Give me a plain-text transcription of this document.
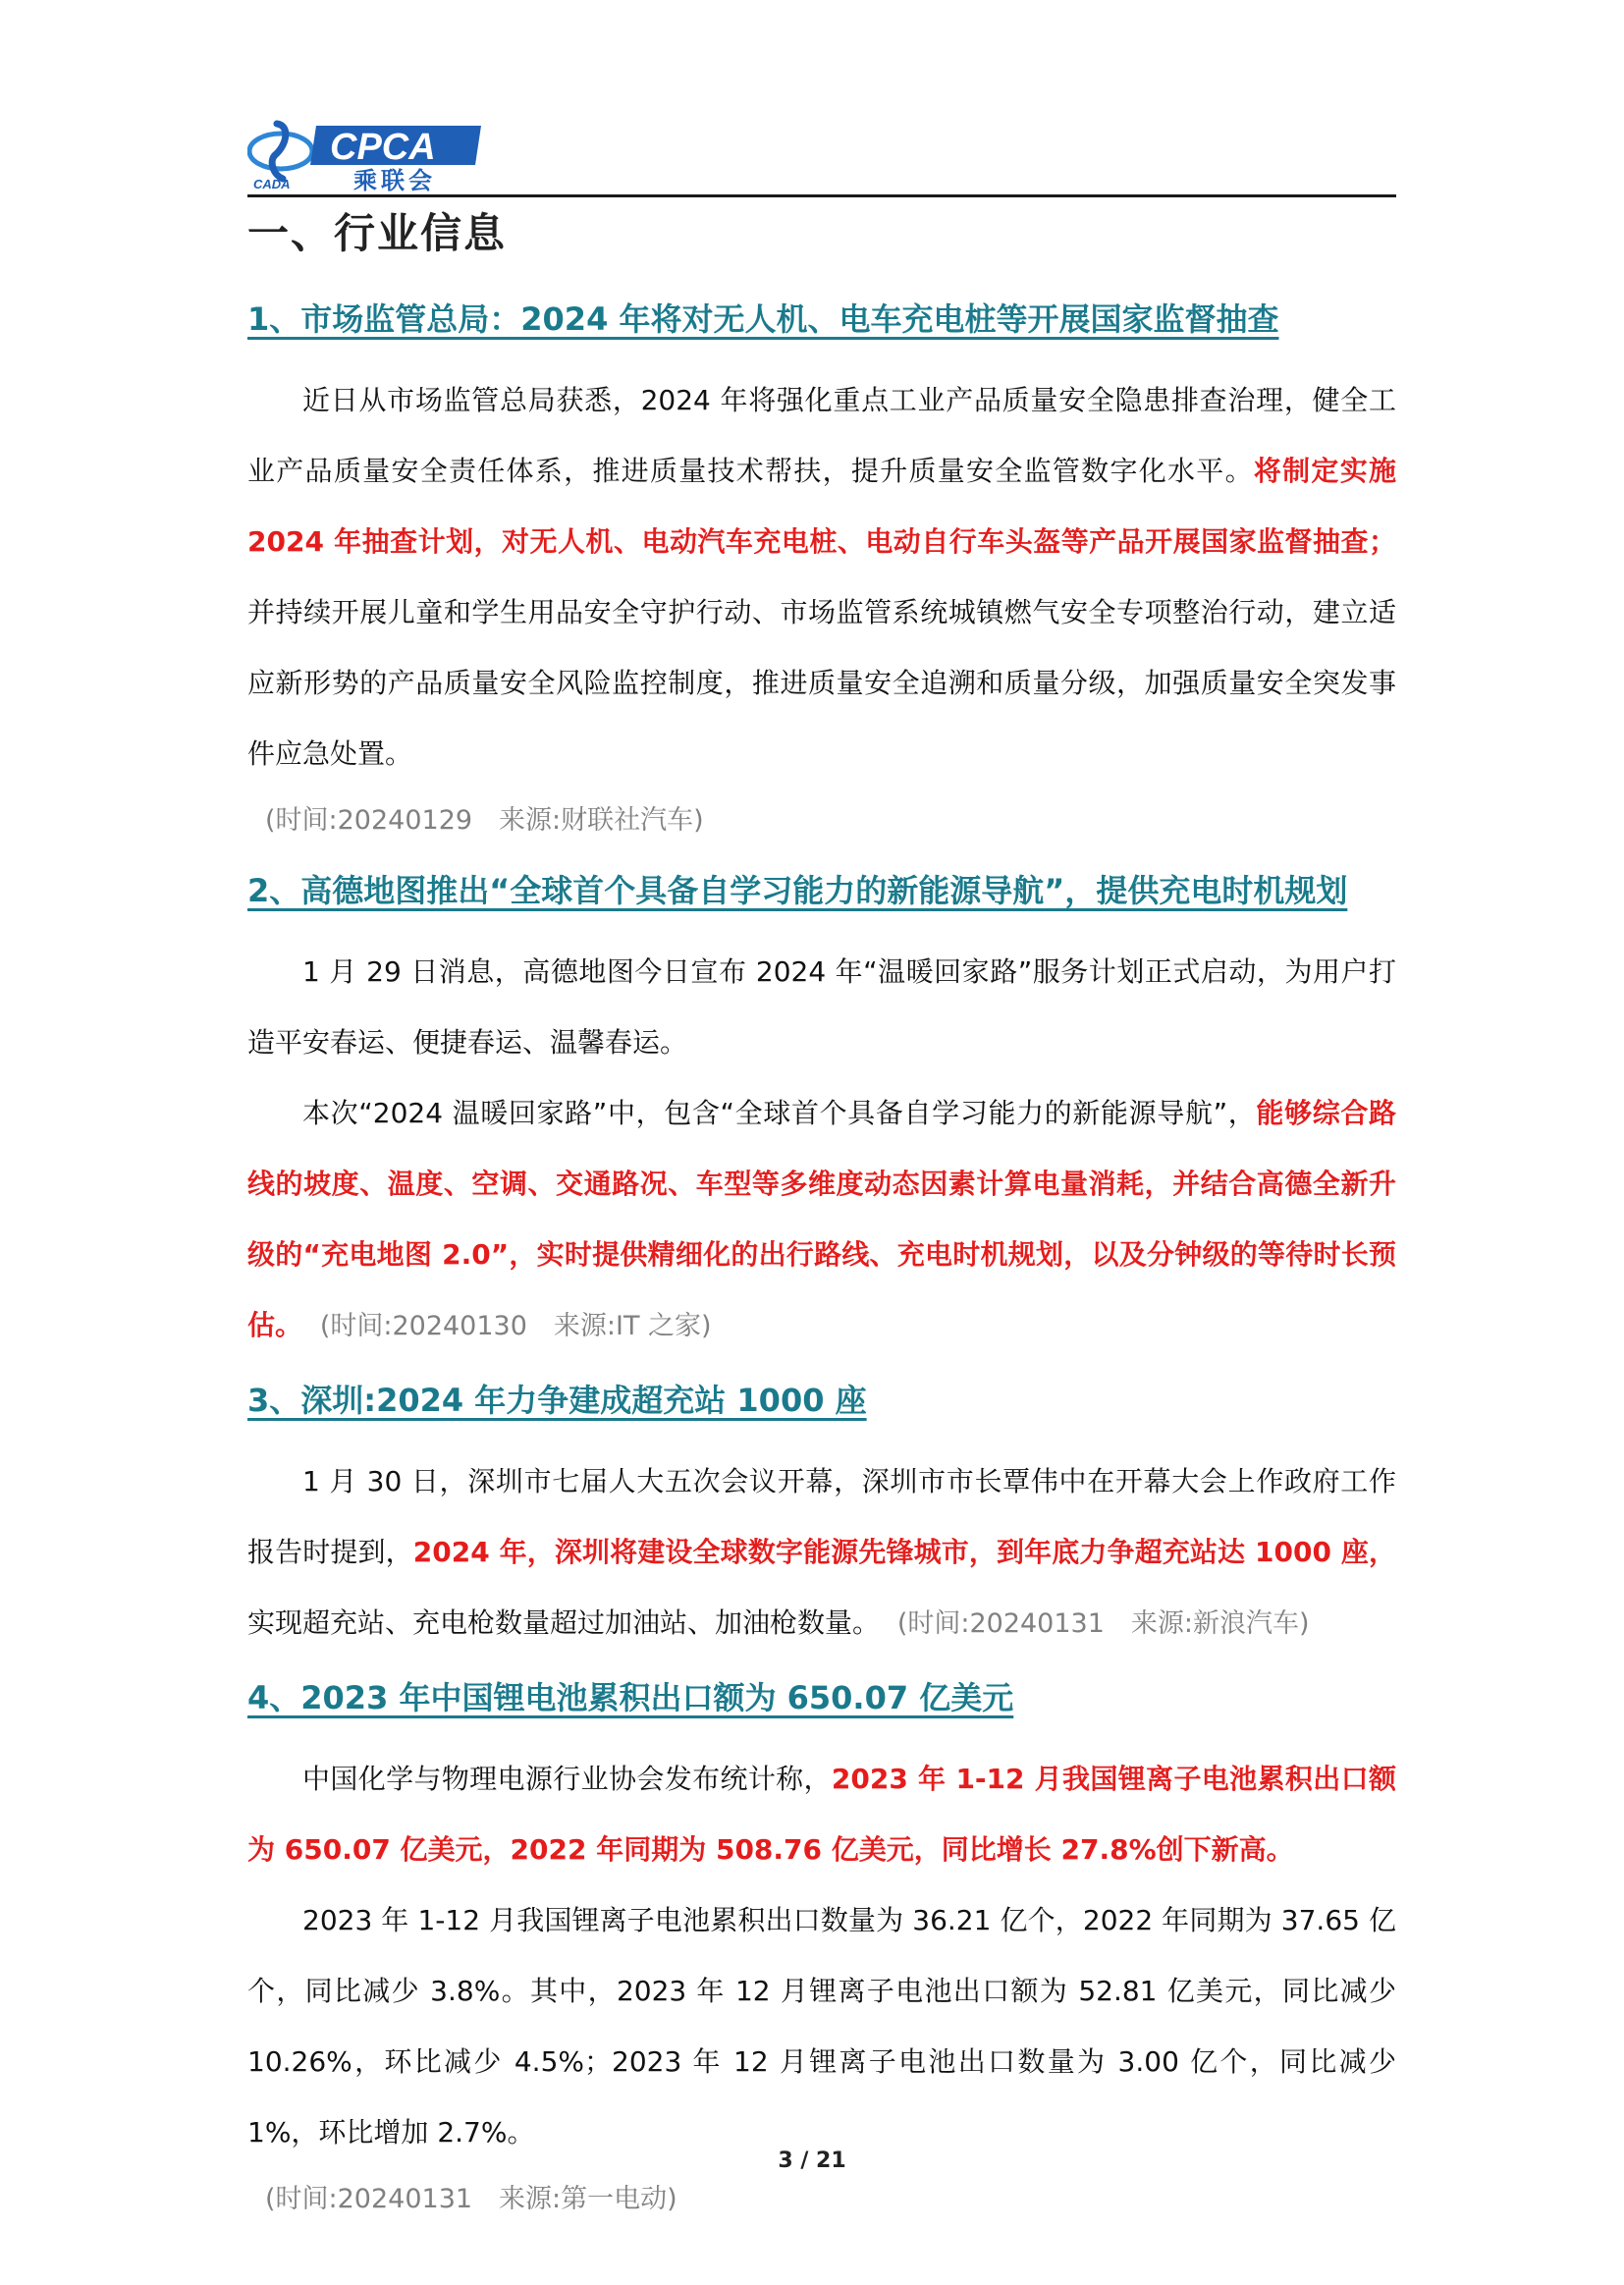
CPCA
CADA	乘联会
一、行业信息
1、市场监管总局：2024 年将对无人机、电车充电桩等开展国家监督抽查

近日从市场监管总局获悉，2024 年将强化重点工业产品质量安全隐患排查治理，健全工业产品质量安全责任体系，推进质量技术帮扶，提升质量安全监管数字化水平。将制定实施 2024 年抽查计划，对无人机、电动汽车充电桩、电动自行车头盔等产品开展国家监督抽查；并持续开展儿童和学生用品安全守护行动、市场监管系统城镇燃气安全专项整治行动，建立适应新形势的产品质量安全风险监控制度，推进质量安全追溯和质量分级，加强质量安全突发事件应急处置。

(时间:20240129　来源:财联社汽车)

2、高德地图推出“全球首个具备自学习能力的新能源导航”，提供充电时机规划

1 月 29 日消息，高德地图今日宣布 2024 年“温暖回家路”服务计划正式启动，为用户打造平安春运、便捷春运、温馨春运。

本次“2024 温暖回家路”中，包含“全球首个具备自学习能力的新能源导航”，能够综合路线的坡度、温度、空调、交通路况、车型等多维度动态因素计算电量消耗，并结合高德全新升级的“充电地图 2.0”，实时提供精细化的出行路线、充电时机规划，以及分钟级的等待时长预估。 (时间:20240130　来源:IT 之家)

3、深圳:2024 年力争建成超充站 1000 座

1 月 30 日，深圳市七届人大五次会议开幕，深圳市市长覃伟中在开幕大会上作政府工作报告时提到，2024 年，深圳将建设全球数字能源先锋城市，到年底力争超充站达 1000 座，实现超充站、充电枪数量超过加油站、加油枪数量。 (时间:20240131　来源:新浪汽车)

4、2023 年中国锂电池累积出口额为 650.07 亿美元

中国化学与物理电源行业协会发布统计称，2023 年 1-12 月我国锂离子电池累积出口额为 650.07 亿美元，2022 年同期为 508.76 亿美元，同比增长 27.8%创下新高。

2023 年 1-12 月我国锂离子电池累积出口数量为 36.21 亿个，2022 年同期为 37.65 亿个，同比减少 3.8%。其中，2023 年 12 月锂离子电池出口额为 52.81 亿美元，同比减少 10.26%，环比减少 4.5%；2023 年 12 月锂离子电池出口数量为 3.00 亿个，同比减少 1%，环比增加 2.7%。

(时间:20240131　来源:第一电动)

3 / 21
